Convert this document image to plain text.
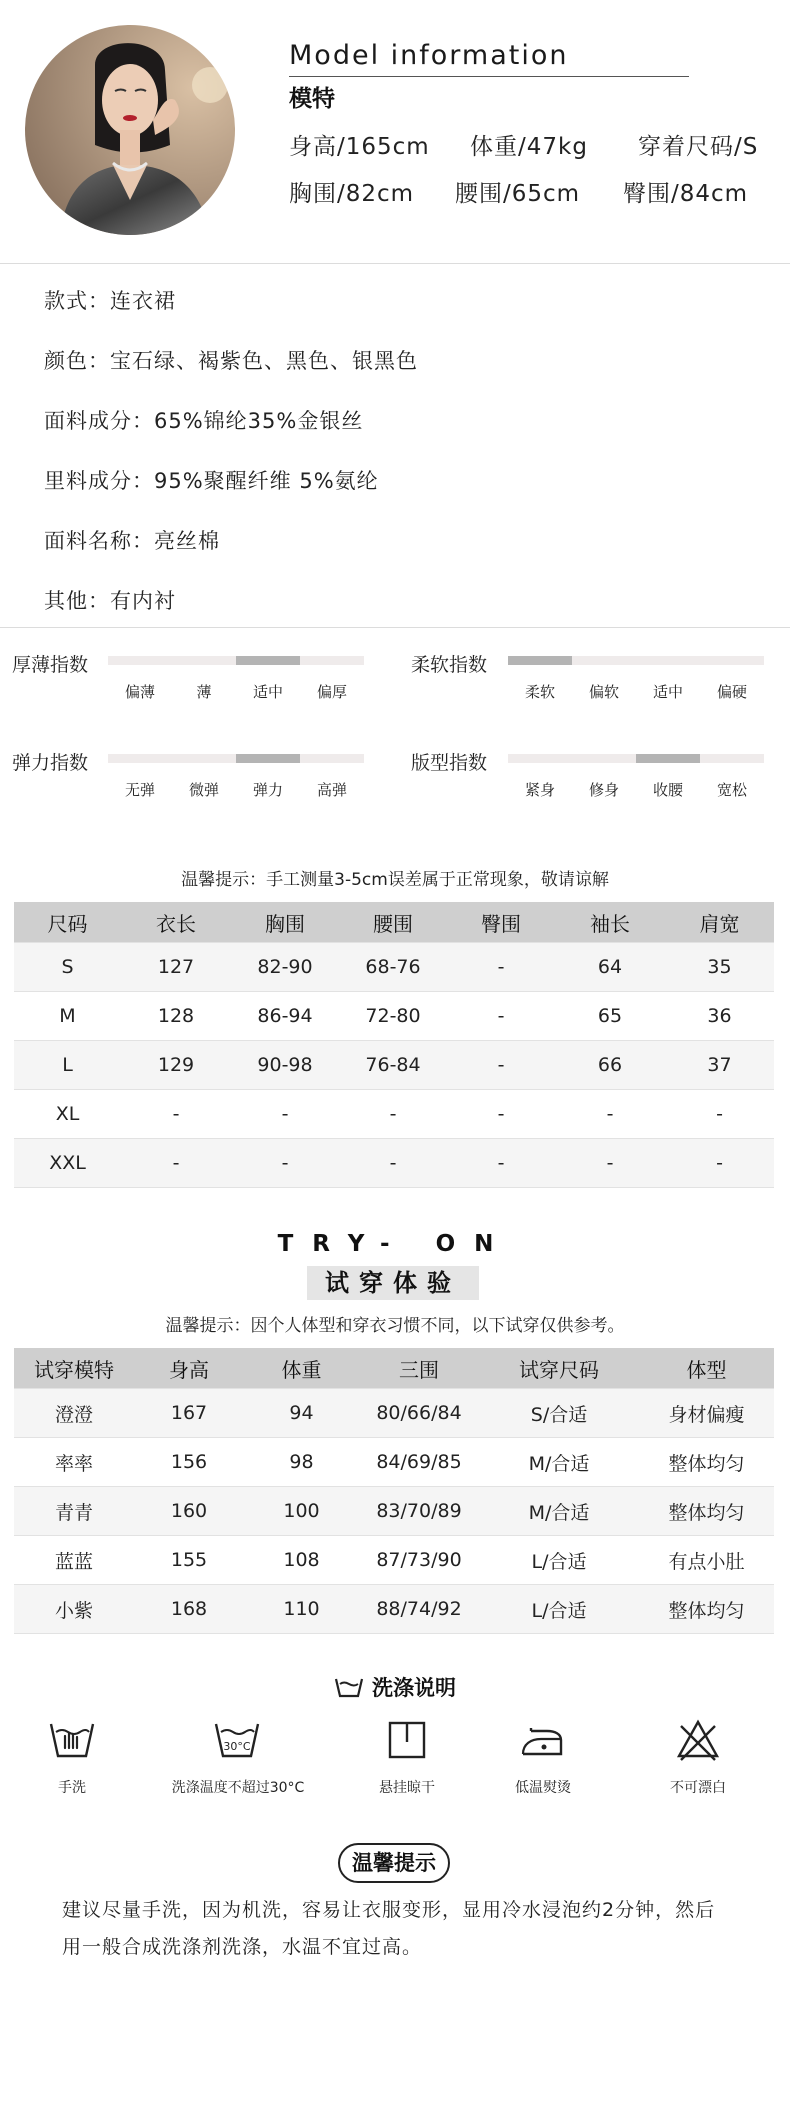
Model information
模特
身高/165cm 体重/47kg 穿着尺码/S
胸围/82cm 腰围/65cm 臀围/84cm
款式：连衣裙
颜色：宝石绿、褐紫色、黑色、银黑色
面料成分：65%锦纶35%金银丝
里料成分：95%聚醒纤维 5%氨纶
面料名称：亮丝棉
其他：有内衬
厚薄指数
偏薄	薄	适中	偏厚
柔软指数
柔软	偏软	适中	偏硬
弹力指数
无弹	微弹	弹力	高弹
版型指数
紧身	修身	收腰	宽松
温馨提示：手工测量3-5cm误差属于正常现象，敬请谅解
尺码	衣长	胸围	腰围	臀围	袖长	肩宽
S	127	82-90	68-76	-	64	35
M	128	86-94	72-80	-	65	36
L	129	90-98	76-84	-	66	37
XL	-	-	-	-	-	-
XXL	-	-	-	-	-	-
TRY- ON
试穿体验
温馨提示：因个人体型和穿衣习惯不同，以下试穿仅供参考。
试穿模特	身高	体重	三围	试穿尺码	体型
澄澄	167	94	80/66/84	S/合适	身材偏瘦
率率	156	98	84/69/85	M/合适	整体均匀
青青	160	100	83/70/89	M/合适	整体均匀
蓝蓝	155	108	87/73/90	L/合适	有点小肚
小紫	168	110	88/74/92	L/合适	整体均匀
洗涤说明
30°C
手洗	洗涤温度不超过30°C	悬挂晾干	低温熨烫	不可漂白
温馨提示
建议尽量手洗，因为机洗，容易让衣服变形，显用冷水浸泡约2分钟，然后
用一般合成洗涤剂洗涤，水温不宜过高。
